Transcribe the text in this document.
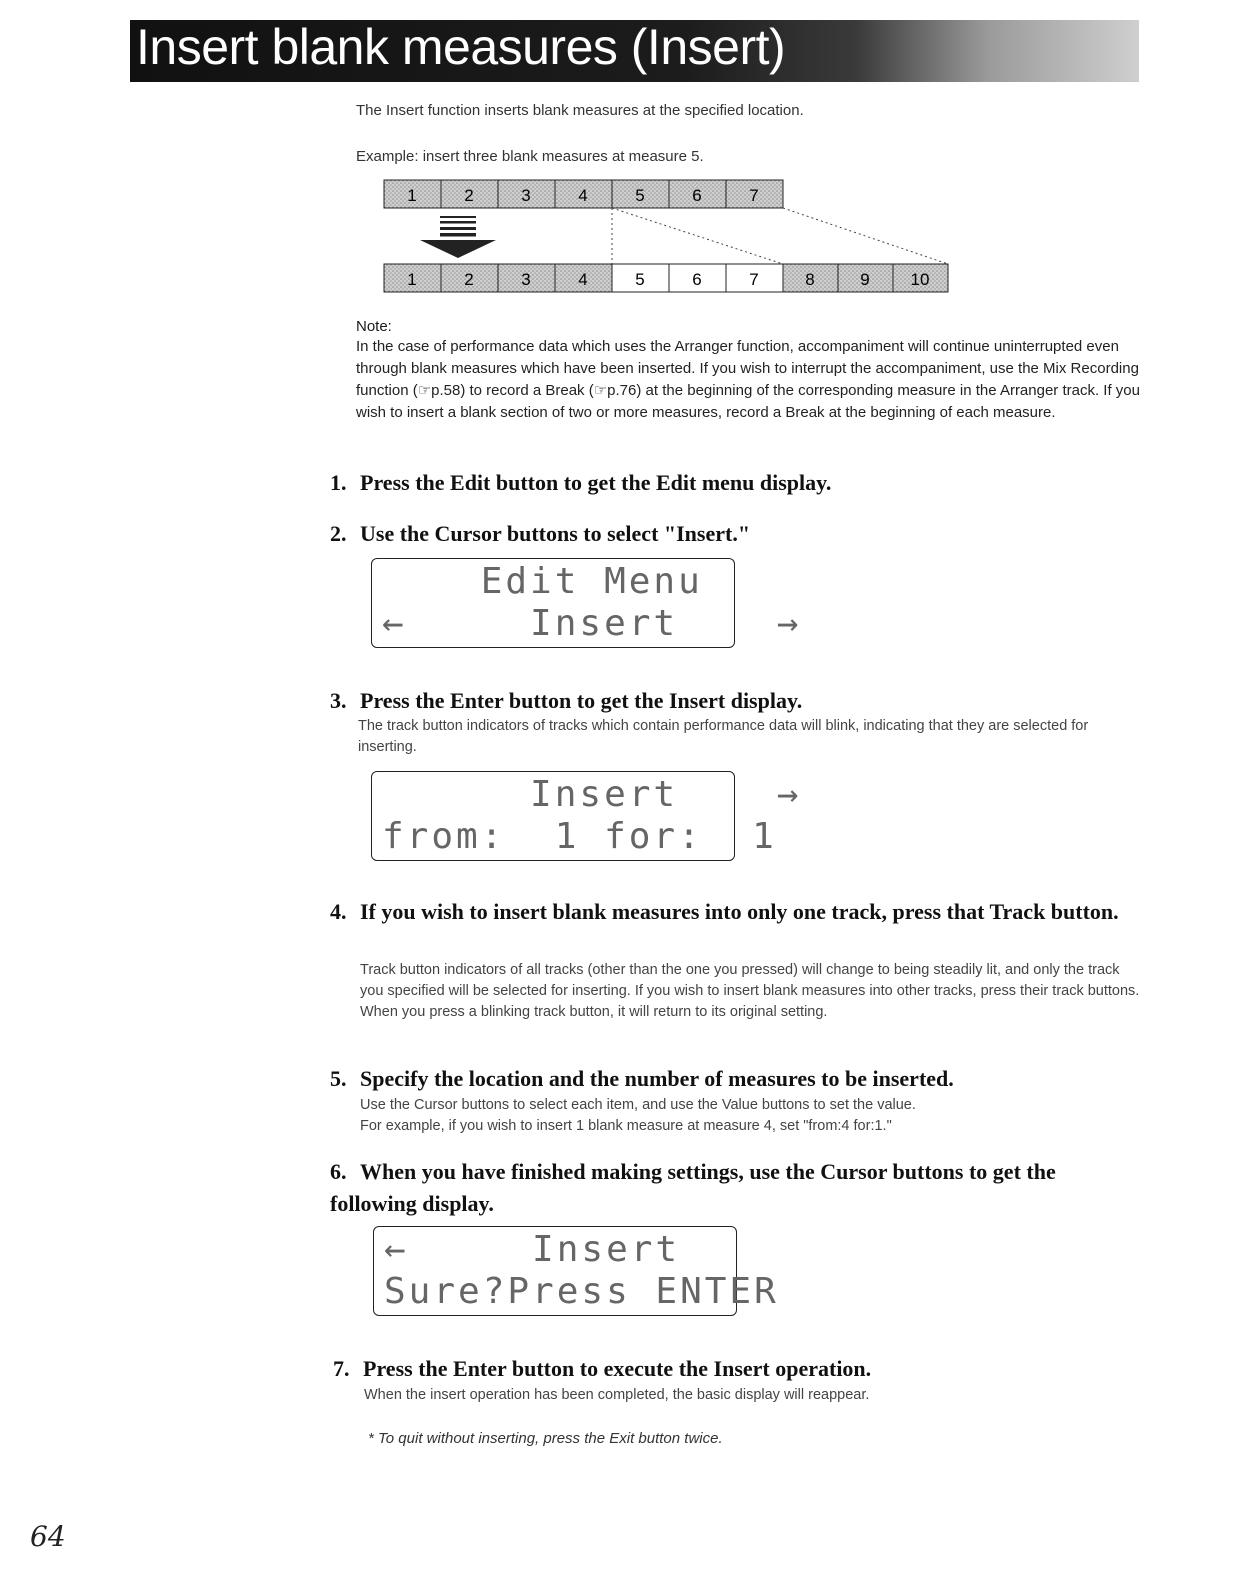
Insert blank measures (Insert)
The Insert function inserts blank measures at the specified location.
Example: insert three blank measures at measure 5.
1	2	3	4	5	6	7
1	2	3	4	5	6	7	8	9 10
Note:
In the case of performance data which uses the Arranger function, accompaniment will continue uninterrupted even through blank measures which have been inserted. If you wish to interrupt the accompaniment, use the Mix Recording function (☞p.58) to record a Break (☞p.76) at the beginning of the corresponding measure in the Arranger track. If you wish to insert a blank section of two or more measures, record a Break at the beginning of each measure.
1. Press the Edit button to get the Edit menu display.
2. Use the Cursor buttons to select "Insert."
Edit Menu
←     Insert    →
3. Press the Enter button to get the Insert display.
The track button indicators of tracks which contain performance data will blink, indicating that they are selected for inserting.
Insert    →
from:  1 for:  1
4. If you wish to insert blank measures into only one track, press that Track button.
Track button indicators of all tracks (other than the one you pressed) will change to being steadily lit, and only the track you specified will be selected for inserting. If you wish to insert blank measures into other tracks, press their track buttons. When you press a blinking track button, it will return to its original setting.
5. Specify the location and the number of measures to be inserted.
Use the Cursor buttons to select each item, and use the Value buttons to set the value.
For example, if you wish to insert 1 blank measure at measure 4, set "from:4 for:1."
6. When you have finished making settings, use the Cursor buttons to get the following display.
←     Insert
Sure?Press ENTER
7. Press the Enter button to execute the Insert operation.
When the insert operation has been completed, the basic display will reappear.
* To quit without inserting, press the Exit button twice.
64
